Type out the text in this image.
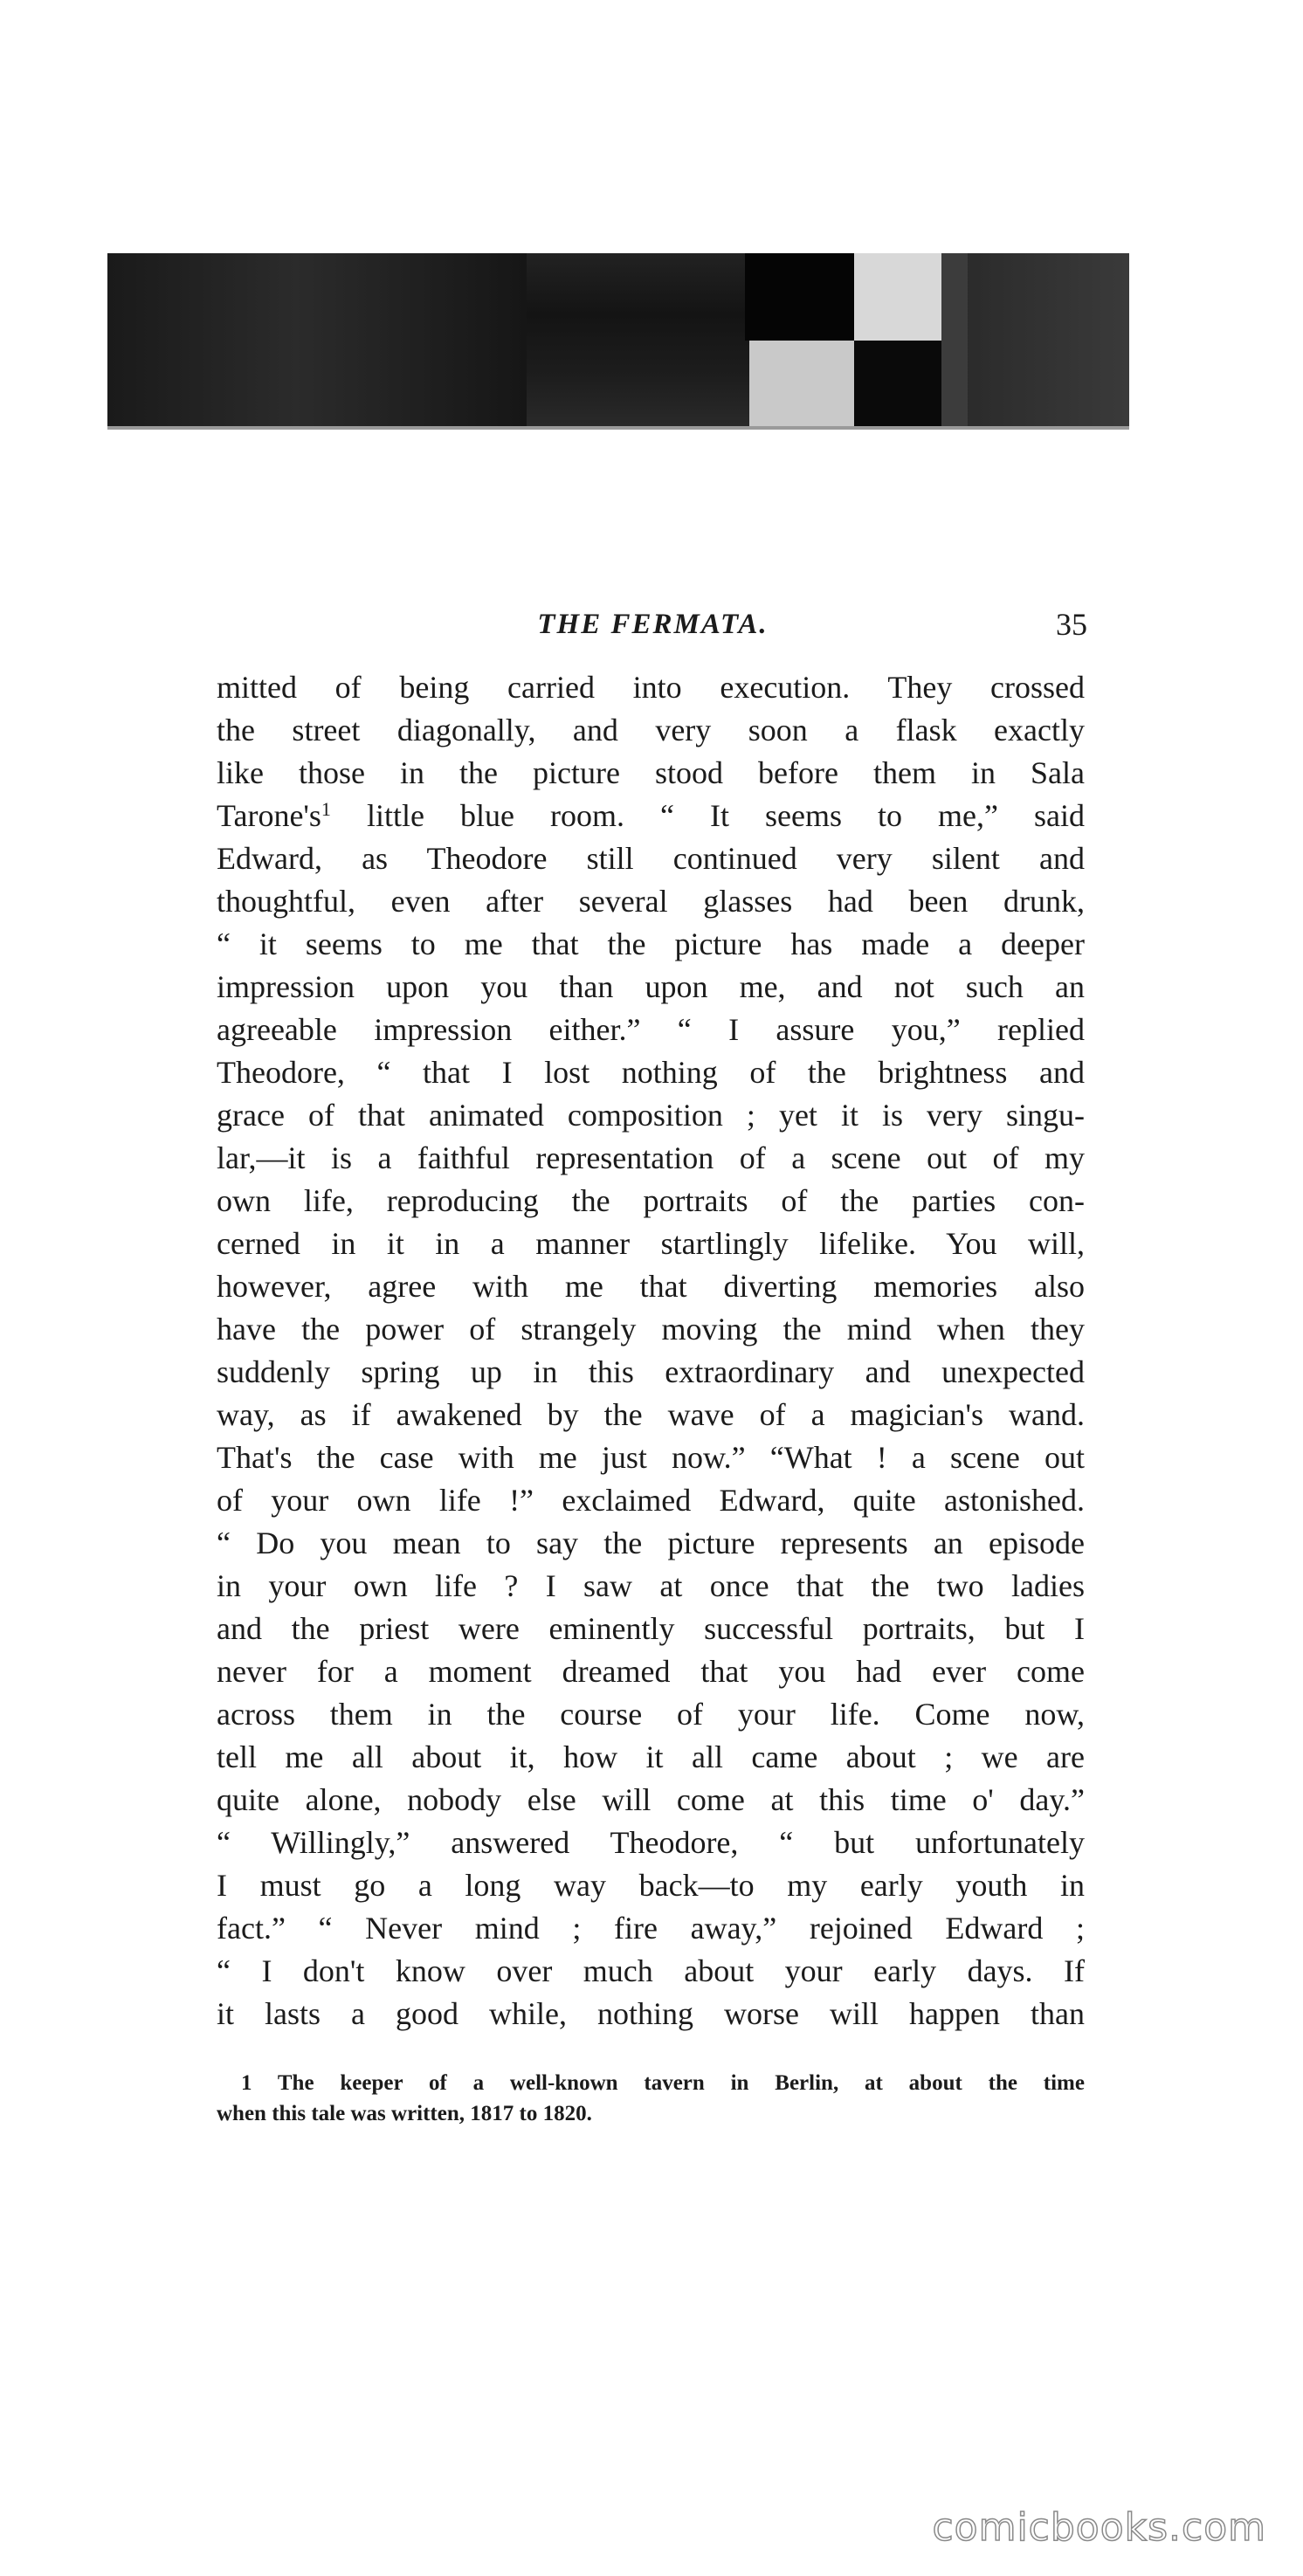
THE FERMATA.	35
mitted of being carried into execution. They crossed
the street diagonally, and very soon a flask exactly
like those in the picture stood before them in Sala
Tarone's$^1$ little blue room. “ It seems to me,” said
Edward, as Theodore still continued very silent and
thoughtful, even after several glasses had been drunk,
“ it seems to me that the picture has made a deeper
impression upon you than upon me, and not such an
agreeable impression either.” “ I assure you,” replied
Theodore, “ that I lost nothing of the brightness and
grace of that animated composition ; yet it is very singu-
lar,—it is a faithful representation of a scene out of my
own life, reproducing the portraits of the parties con-
cerned in it in a manner startlingly lifelike. You will,
however, agree with me that diverting memories also
have the power of strangely moving the mind when they
suddenly spring up in this extraordinary and unexpected
way, as if awakened by the wave of a magician's wand.
That's the case with me just now.” “What ! a scene out
of your own life !” exclaimed Edward, quite astonished.
“ Do you mean to say the picture represents an episode
in your own life ? I saw at once that the two ladies
and the priest were eminently successful portraits, but I
never for a moment dreamed that you had ever come
across them in the course of your life. Come now,
tell me all about it, how it all came about ; we are
quite alone, nobody else will come at this time o' day.”
“ Willingly,” answered Theodore, “ but unfortunately
I must go a long way back—to my early youth in
fact.” “ Never mind ; fire away,” rejoined Edward ;
“ I don't know over much about your early days. If
it lasts a good while, nothing worse will happen than
1 The keeper of a well-known tavern in Berlin, at about the time
when this tale was written, 1817 to 1820.
comicbooks.com
